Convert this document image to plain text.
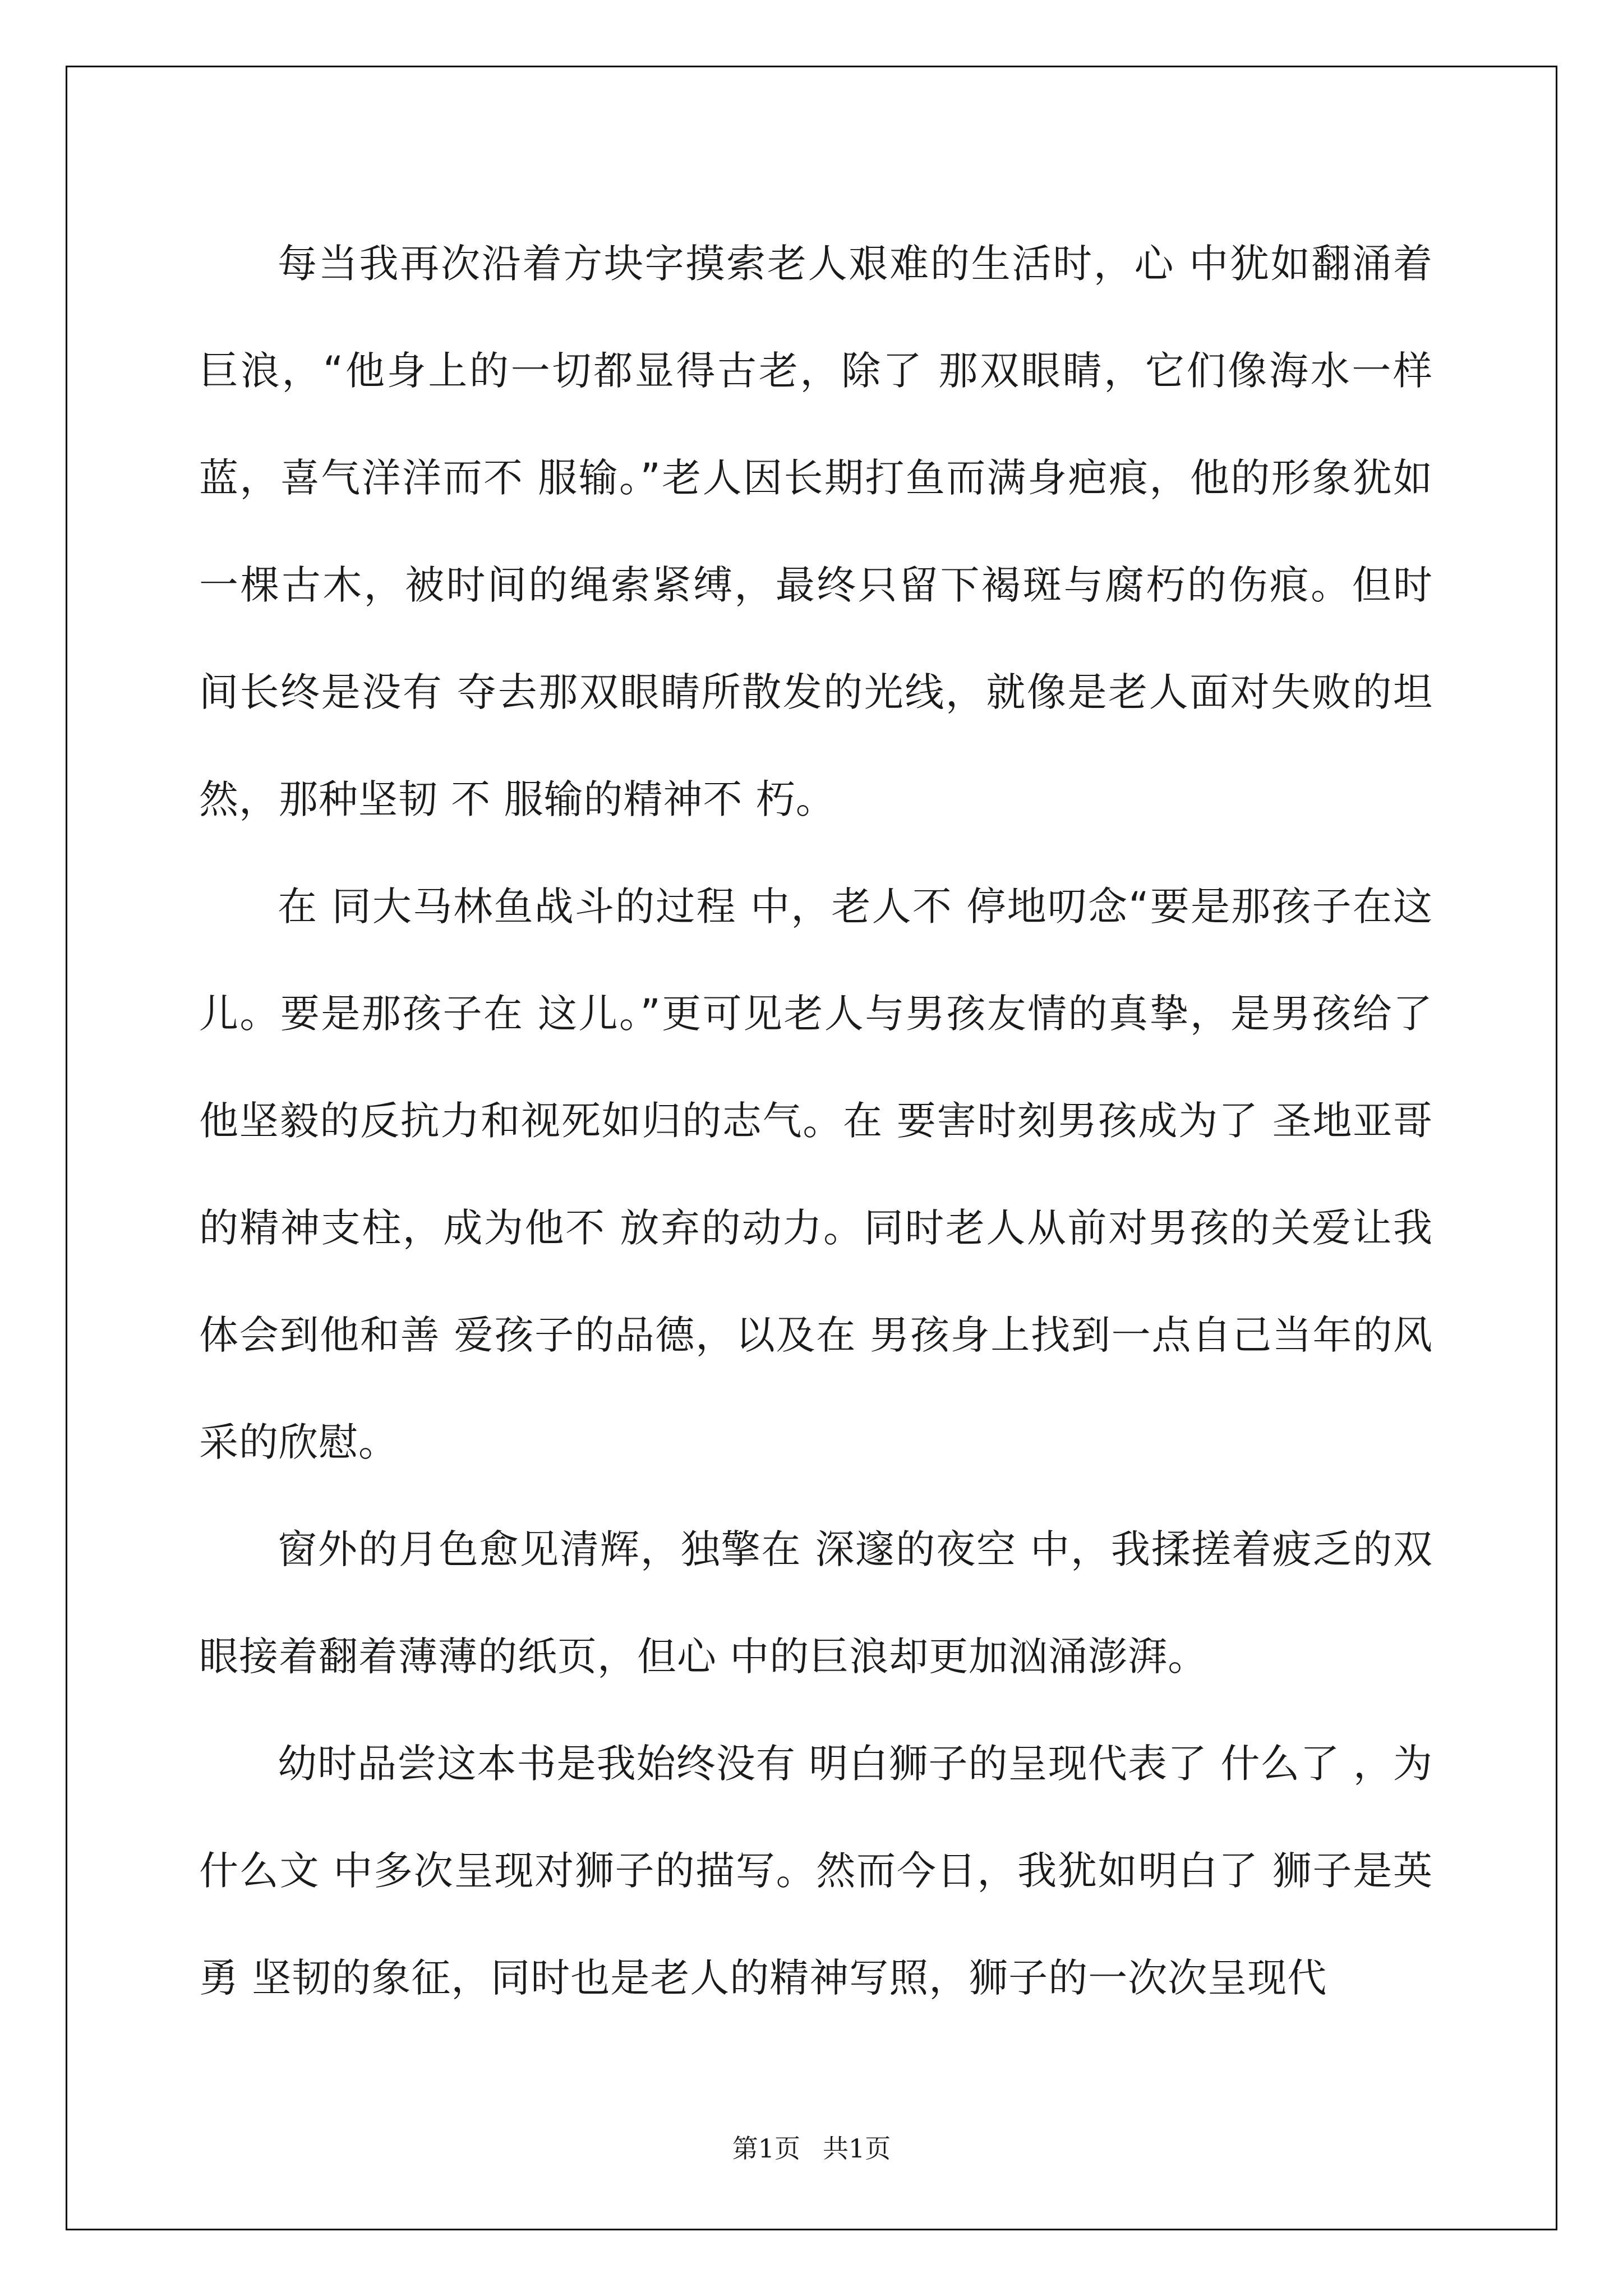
每当我再次沿着方块字摸索老人艰难的生活时，心 中犹如翻涌着巨浪，“他身上的一切都显得古老，除了 那双眼睛，它们像海水一样蓝，喜气洋洋而不 服输。”老人因长期打鱼而满身疤痕，他的形象犹如一棵古木，被时间的绳索紧缚，最终只留下褐斑与腐朽的伤痕。但时间长终是没有 夺去那双眼睛所散发的光线，就像是老人面对失败的坦然，那种坚韧 不 服输的精神不 朽。

在 同大马林鱼战斗的过程 中，老人不 停地叨念“要是那孩子在这儿。要是那孩子在 这儿。”更可见老人与男孩友情的真挚，是男孩给了 他坚毅的反抗力和视死如归的志气。在 要害时刻男孩成为了 圣地亚哥的精神支柱，成为他不 放弃的动力。同时老人从前对男孩的关爱让我体会到他和善 爱孩子的品德，以及在 男孩身上找到一点自己当年的风采的欣慰。

窗外的月色愈见清辉，独擎在 深邃的夜空 中，我揉搓着疲乏的双眼接着翻着薄薄的纸页，但心 中的巨浪却更加汹涌澎湃。

幼时品尝这本书是我始终没有 明白狮子的呈现代表了 什么了 ，为什么文 中多次呈现对狮子的描写。然而今日，我犹如明白了 狮子是英勇 坚韧的象征，同时也是老人的精神写照，狮子的一次次呈现代

第1页 共1页
